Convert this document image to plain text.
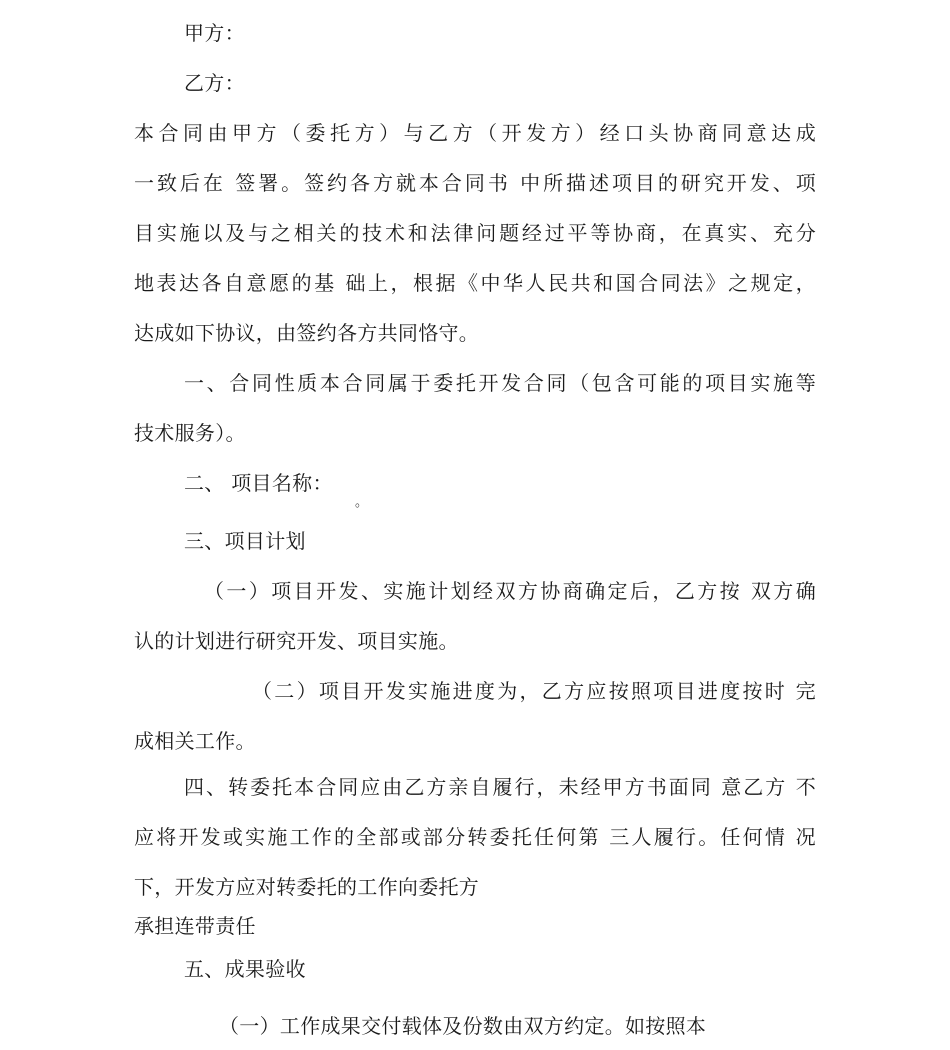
甲方：
乙方：
本合同由甲方（委托方）与乙方（开发方）经口头协商同意达成
一致后在 签署。签约各方就本合同书 中所描述项目的研究开发、项
目实施以及与之相关的技术和法律问题经过平等协商，在真实、充分
地表达各自意愿的基 础上，根据《中华人民共和国合同法》之规定，
达成如下协议，由签约各方共同恪守。
一、合同性质本合同属于委托开发合同（包含可能的项目实施等
技术服务）。
二、 项目名称：
。
三、项目计划
（一）项目开发、实施计划经双方协商确定后，乙方按 双方确
认的计划进行研究开发、项目实施。
（二）项目开发实施进度为，乙方应按照项目进度按时 完
成相关工作。
四、转委托本合同应由乙方亲自履行，未经甲方书面同 意乙方 不
应将开发或实施工作的全部或部分转委托任何第 三人履行。任何情 况
下，开发方应对转委托的工作向委托方
承担连带责任
五、成果验收
（一）工作成果交付载体及份数由双方约定。如按照本
